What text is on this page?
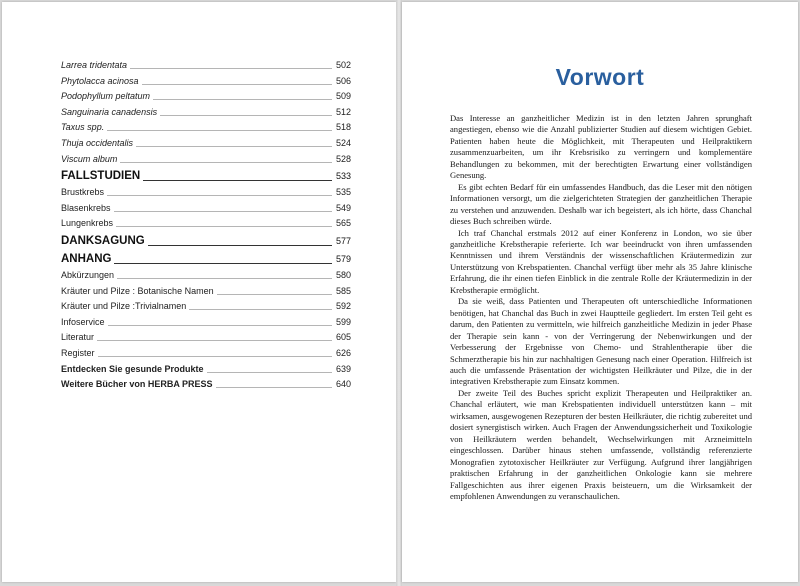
Larrea tridentata	502
Phytolacca acinosa	506
Podophyllum peltatum	509
Sanguinaria canadensis	512
Taxus spp.	518
Thuja occidentalis	524
Viscum album	528
FALLSTUDIEN	533
Brustkrebs	535
Blasenkrebs	549
Lungenkrebs	565
DANKSAGUNG	577
ANHANG	579
Abkürzungen	580
Kräuter und Pilze : Botanische Namen	585
Kräuter und Pilze :Trivialnamen	592
Infoservice	599
Literatur	605
Register	626
Entdecken Sie gesunde Produkte	639
Weitere Bücher von HERBA PRESS	640
Vorwort

Das Interesse an ganzheitlicher Medizin ist in den letzten Jahren sprunghaft angestiegen, ebenso wie die Anzahl publizierter Studien auf diesem wichtigen Gebiet. Patienten haben heute die Möglichkeit, mit Therapeuten und Heilpraktikern zusammenzuarbeiten, um ihr Krebsrisiko zu verringern und komplementäre Behandlungen zu bekommen, mit der berechtigten Erwartung einer vollständigen Genesung.

Es gibt echten Bedarf für ein umfassendes Handbuch, das die Leser mit den nötigen Informationen versorgt, um die zielgerichteten Strategien der ganzheitlichen Therapie zu verstehen und anzuwenden. Deshalb war ich begeistert, als ich hörte, dass Chanchal dieses Buch schreiben würde.

Ich traf Chanchal erstmals 2012 auf einer Konferenz in London, wo sie über ganzheitliche Krebstherapie referierte. Ich war beeindruckt von ihren umfassenden Kenntnissen und ihrem Verständnis der wissenschaftlichen Kräutermedizin zur Unterstützung von Krebspatienten. Chanchal verfügt über mehr als 35 Jahre klinische Erfahrung, die ihr einen tiefen Einblick in die zentrale Rolle der Kräutermedizin in der Krebstherapie ermöglicht.

Da sie weiß, dass Patienten und Therapeuten oft unterschiedliche Informationen benötigen, hat Chanchal das Buch in zwei Hauptteile gegliedert. Im ersten Teil geht es darum, den Patienten zu vermitteln, wie hilfreich ganzheitliche Medizin in jeder Phase der Therapie sein kann - von der Verringerung der Nebenwirkungen und der Verbesserung der Ergebnisse von Chemo- und Strahlentherapie über die Schmerztherapie bis hin zur nachhaltigen Genesung nach einer Operation. Hilfreich ist auch die umfassende Präsentation der wichtigsten Heilkräuter und Pilze, die in der integrativen Krebstherapie zum Einsatz kommen.

Der zweite Teil des Buches spricht explizit Therapeuten und Heilpraktiker an. Chanchal erläutert, wie man Krebspatienten individuell unterstützen kann – mit wirksamen, ausgewogenen Rezepturen der besten Heilkräuter, die richtig zubereitet und dosiert synergistisch wirken. Auch Fragen der Anwendungssicherheit und Toxikologie von Heilkräutern werden behandelt, Wechselwirkungen mit Arzneimitteln eingeschlossen. Darüber hinaus stehen umfassende, vollständig referenzierte Monografien zytotoxischer Heilkräuter zur Verfügung. Aufgrund ihrer langjährigen praktischen Erfahrung in der ganzheitlichen Onkologie kann sie mehrere Fallgeschichten aus ihrer eigenen Praxis beisteuern, um die Wirksamkeit der empfohlenen Anwendungen zu veranschaulichen.
